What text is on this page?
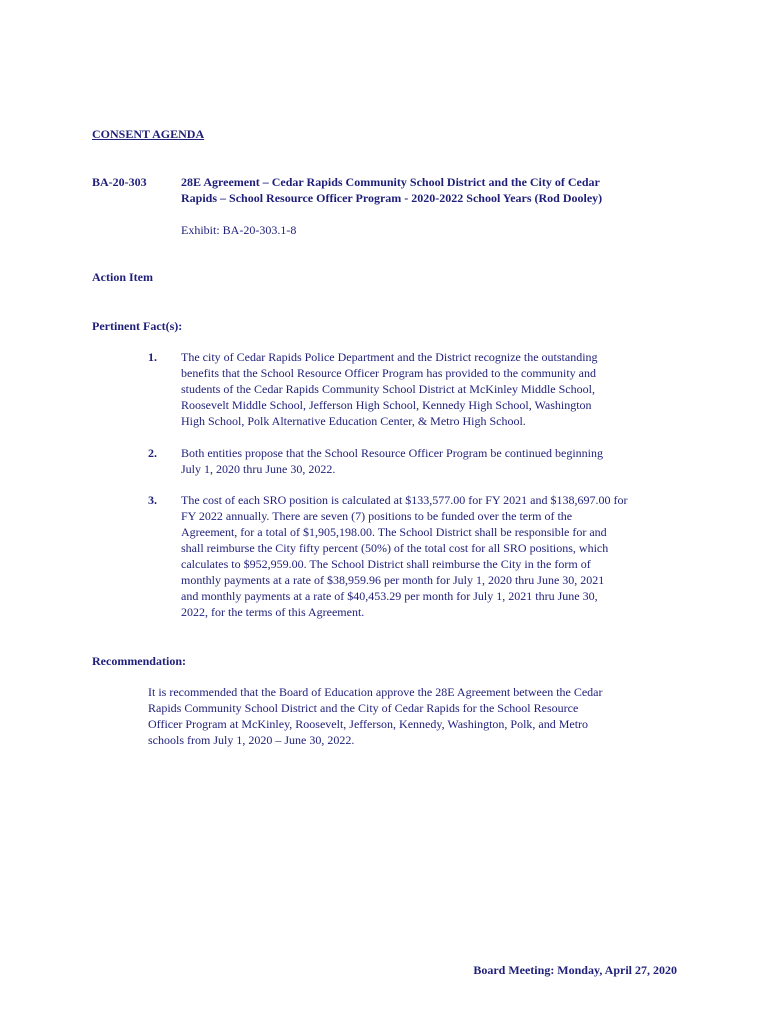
CONSENT AGENDA
BA-20-303	28E Agreement – Cedar Rapids Community School District and the City of Cedar
Rapids – School Resource Officer Program - 2020-2022 School Years (Rod Dooley)
Exhibit: BA-20-303.1-8
Action Item
Pertinent Fact(s):
1. The city of Cedar Rapids Police Department and the District recognize the outstanding
benefits that the School Resource Officer Program has provided to the community and
students of the Cedar Rapids Community School District at McKinley Middle School,
Roosevelt Middle School, Jefferson High School, Kennedy High School, Washington
High School, Polk Alternative Education Center, & Metro High School.
2. Both entities propose that the School Resource Officer Program be continued beginning
July 1, 2020 thru June 30, 2022.
3. The cost of each SRO position is calculated at $133,577.00 for FY 2021 and $138,697.00 for
FY 2022 annually. There are seven (7) positions to be funded over the term of the
Agreement, for a total of $1,905,198.00. The School District shall be responsible for and
shall reimburse the City fifty percent (50%) of the total cost for all SRO positions, which
calculates to $952,959.00. The School District shall reimburse the City in the form of
monthly payments at a rate of $38,959.96 per month for July 1, 2020 thru June 30, 2021
and monthly payments at a rate of $40,453.29 per month for July 1, 2021 thru June 30,
2022, for the terms of this Agreement.
Recommendation:
It is recommended that the Board of Education approve the 28E Agreement between the Cedar
Rapids Community School District and the City of Cedar Rapids for the School Resource
Officer Program at McKinley, Roosevelt, Jefferson, Kennedy, Washington, Polk, and Metro
schools from July 1, 2020 – June 30, 2022.
Board Meeting: Monday, April 27, 2020
